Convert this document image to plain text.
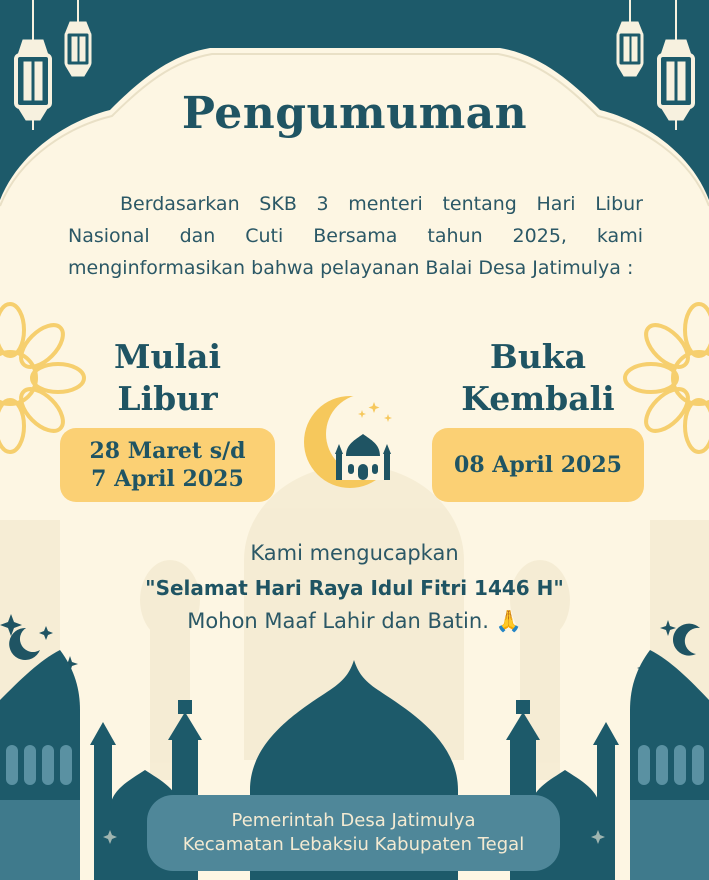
Pengumuman
Berdasarkan SKB 3 menteri tentang Hari Libur Nasional dan Cuti Bersama tahun 2025, kami menginformasikan bahwa pelayanan Balai Desa Jatimulya :
Mulai
Libur
Buka
Kembali
28 Maret s/d
7 April 2025
08 April 2025
Kami mengucapkan
"Selamat Hari Raya Idul Fitri 1446 H"
Mohon Maaf Lahir dan Batin. 🙏
Pemerintah Desa Jatimulya
Kecamatan Lebaksiu Kabupaten Tegal
